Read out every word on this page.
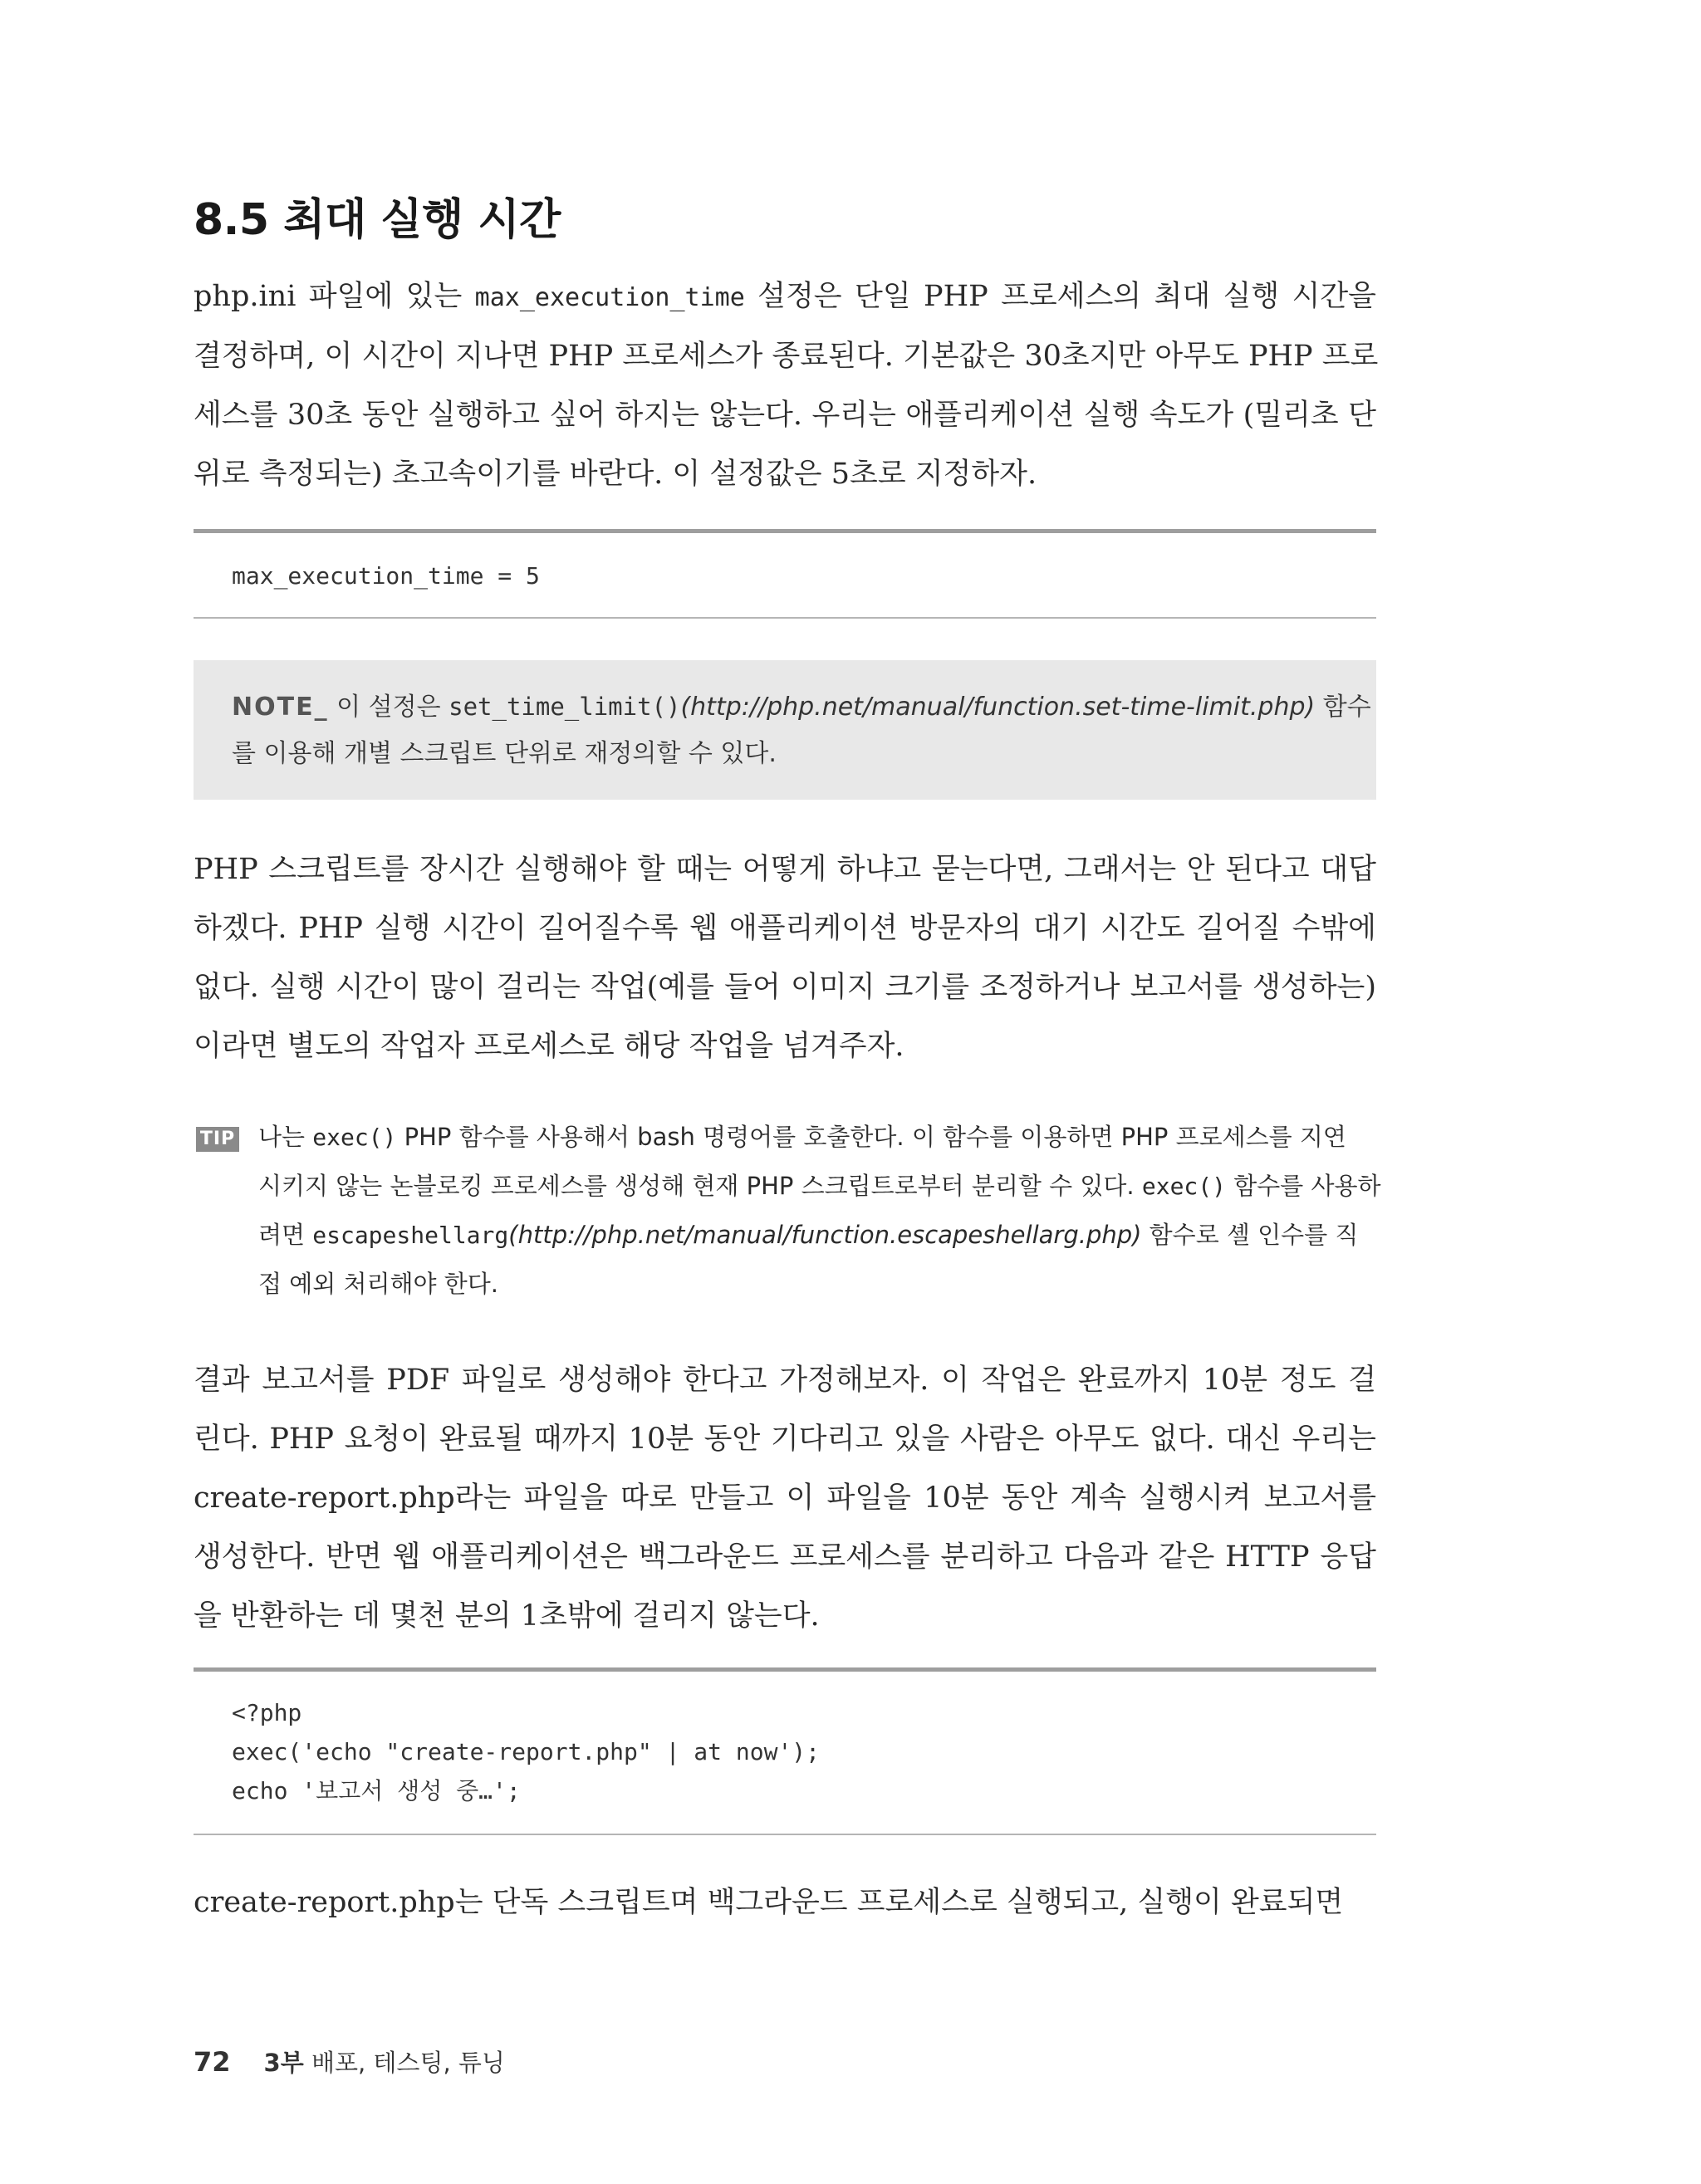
8.5 최대 실행 시간
php.ini 파일에 있는 max_execution_time 설정은 단일 PHP 프로세스의 최대 실행 시간을
결정하며, 이 시간이 지나면 PHP 프로세스가 종료된다. 기본값은 30초지만 아무도 PHP 프로
세스를 30초 동안 실행하고 싶어 하지는 않는다. 우리는 애플리케이션 실행 속도가 (밀리초 단
위로 측정되는) 초고속이기를 바란다. 이 설정값은 5초로 지정하자.
max_execution_time = 5
NOTE_ 이 설정은 set_time_limit()(http://php.net/manual/function.set-time-limit.php) 함수
를 이용해 개별 스크립트 단위로 재정의할 수 있다.
PHP 스크립트를 장시간 실행해야 할 때는 어떻게 하냐고 묻는다면, 그래서는 안 된다고 대답
하겠다. PHP 실행 시간이 길어질수록 웹 애플리케이션 방문자의 대기 시간도 길어질 수밖에
없다. 실행 시간이 많이 걸리는 작업(예를 들어 이미지 크기를 조정하거나 보고서를 생성하는)
이라면 별도의 작업자 프로세스로 해당 작업을 넘겨주자.
TIP 나는 exec() PHP 함수를 사용해서 bash 명령어를 호출한다. 이 함수를 이용하면 PHP 프로세스를 지연
시키지 않는 논블로킹 프로세스를 생성해 현재 PHP 스크립트로부터 분리할 수 있다. exec() 함수를 사용하
려면 escapeshellarg(http://php.net/manual/function.escapeshellarg.php) 함수로 셸 인수를 직
접 예외 처리해야 한다.
결과 보고서를 PDF 파일로 생성해야 한다고 가정해보자. 이 작업은 완료까지 10분 정도 걸
린다. PHP 요청이 완료될 때까지 10분 동안 기다리고 있을 사람은 아무도 없다. 대신 우리는
create-report.php라는 파일을 따로 만들고 이 파일을 10분 동안 계속 실행시켜 보고서를
생성한다. 반면 웹 애플리케이션은 백그라운드 프로세스를 분리하고 다음과 같은 HTTP 응답
을 반환하는 데 몇천 분의 1초밖에 걸리지 않는다.
<?php
exec('echo "create-report.php" | at now');
echo '보고서 생성 중…';
create-report.php는 단독 스크립트며 백그라운드 프로세스로 실행되고, 실행이 완료되면
72 3부 배포, 테스팅, 튜닝
